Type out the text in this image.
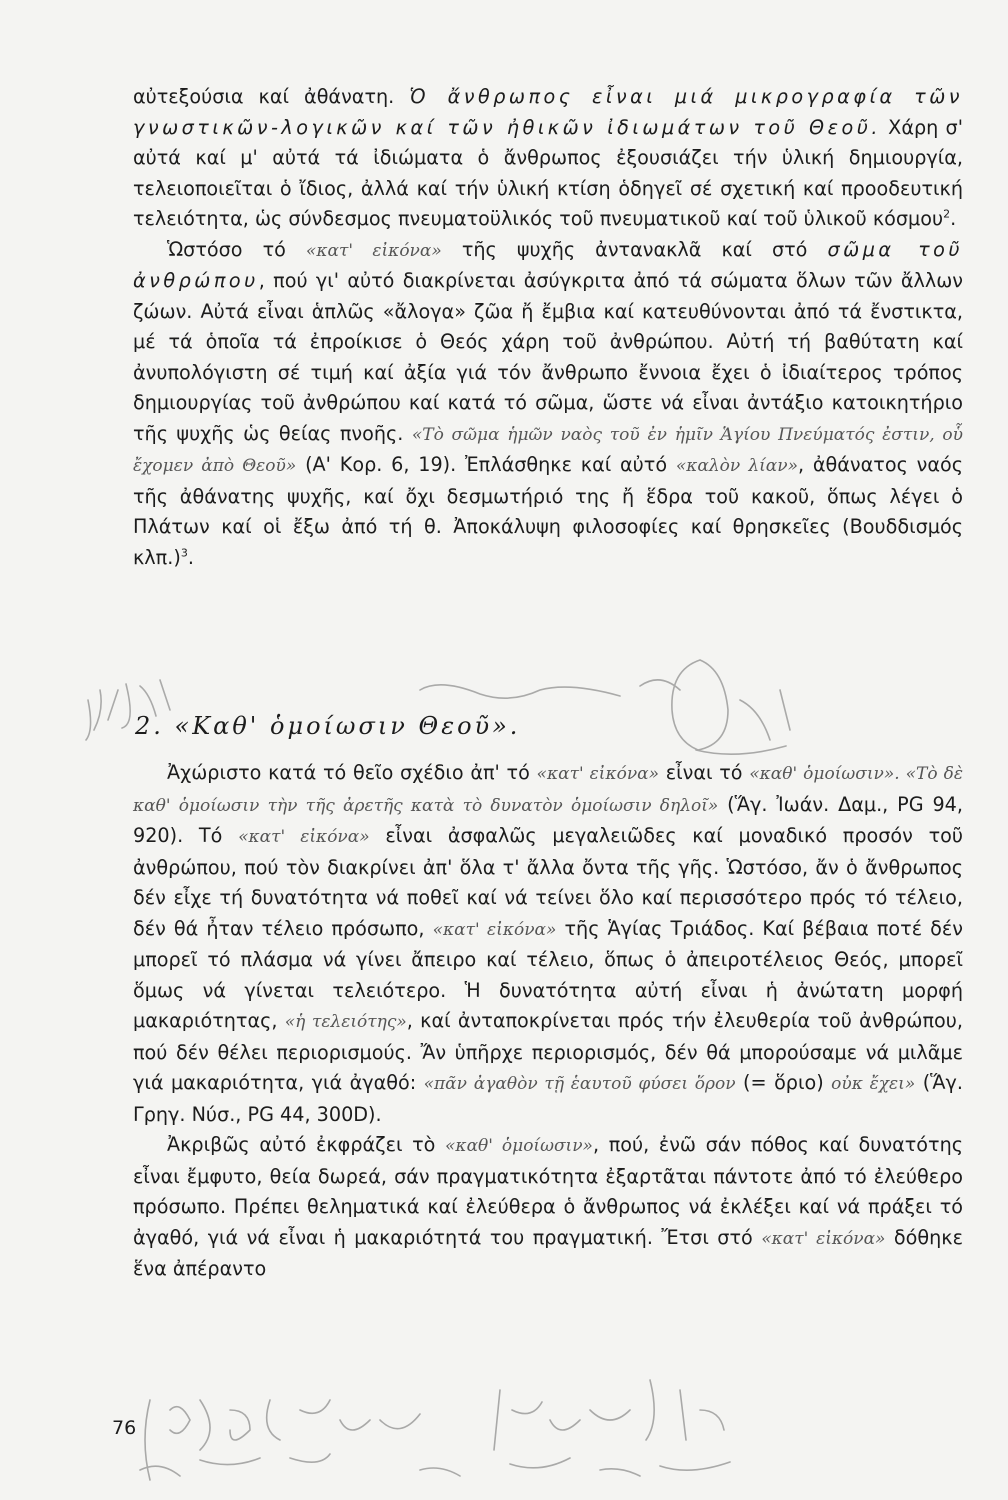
αὐτεξούσια καί ἀθάνατη. Ὁ ἄνθρωπος εἶναι μιά μικρογραφία τῶν γνωστικῶν-λογικῶν καί τῶν ἠθικῶν ἰδιωμάτων τοῦ Θεοῦ. Χάρη σ' αὐτά καί μ' αὐτά τά ἰδιώματα ὁ ἄνθρωπος ἐξουσιάζει τήν ὑλική δημιουργία, τελειοποιεῖται ὁ ἴδιος, ἀλλά καί τήν ὑλική κτίση ὁδηγεῖ σέ σχετική καί προοδευτική τελειότητα, ὡς σύνδεσμος πνευματοϋλικός τοῦ πνευματικοῦ καί τοῦ ὑλικοῦ κόσμου$^2$.

Ὡστόσο τό «κατ' εἰκόνα» τῆς ψυχῆς ἀντανακλᾶ καί στό σῶμα τοῦ ἀνθρώπου, πού γι' αὐτό διακρίνεται ἀσύγκριτα ἀπό τά σώματα ὅλων τῶν ἄλλων ζώων. Αὐτά εἶναι ἁπλῶς «ἄλογα» ζῶα ἤ ἔμβια καί κατευθύνονται ἀπό τά ἔνστικτα, μέ τά ὁποῖα τά ἐπροίκισε ὁ Θεός χάρη τοῦ ἀνθρώπου. Αὐτή τή βαθύτατη καί ἀνυπολόγιστη σέ τιμή καί ἀξία γιά τόν ἄνθρωπο ἔννοια ἔχει ὁ ἰδιαίτερος τρόπος δημιουργίας τοῦ ἀνθρώπου καί κατά τό σῶμα, ὥστε νά εἶναι ἀντάξιο κατοικητήριο τῆς ψυχῆς ὡς θείας πνοῆς. «Τὸ σῶμα ἡμῶν ναὸς τοῦ ἐν ἡμῖν Ἁγίου Πνεύματός ἐστιν, οὗ ἔχομεν ἀπὸ Θεοῦ» (Α' Κορ. 6, 19). Ἐπλάσθηκε καί αὐτό «καλὸν λίαν», ἀθάνατος ναός τῆς ἀθάνατης ψυχῆς, καί ὄχι δεσμωτήριό της ἤ ἕδρα τοῦ κακοῦ, ὅπως λέγει ὁ Πλάτων καί οἱ ἔξω ἀπό τή θ. Ἀποκάλυψη φιλοσοφίες καί θρησκεῖες (Βουδδισμός κλπ.)$^3$.

2. «Καθ' ὁμοίωσιν Θεοῦ».

Ἀχώριστο κατά τό θεῖο σχέδιο ἀπ' τό «κατ' εἰκόνα» εἶναι τό «καθ' ὁμοίωσιν». «Τὸ δὲ καθ' ὁμοίωσιν τὴν τῆς ἀρετῆς κατὰ τὸ δυνατὸν ὁμοίωσιν δηλοῖ» (Ἅγ. Ἰωάν. Δαμ., PG 94, 920). Τό «κατ' εἰκόνα» εἶναι ἀσφαλῶς μεγαλειῶδες καί μοναδικό προσόν τοῦ ἀνθρώπου, πού τὸν διακρίνει ἀπ' ὅλα τ' ἄλλα ὄντα τῆς γῆς. Ὡστόσο, ἄν ὁ ἄνθρωπος δέν εἶχε τή δυνατότητα νά ποθεῖ καί νά τείνει ὅλο καί περισσότερο πρός τό τέλειο, δέν θά ἦταν τέλειο πρόσωπο, «κατ' εἰκόνα» τῆς Ἁγίας Τριάδος. Καί βέβαια ποτέ δέν μπορεῖ τό πλάσμα νά γίνει ἄπειρο καί τέλειο, ὅπως ὁ ἀπειροτέλειος Θεός, μπορεῖ ὅμως νά γίνεται τελειότερο. Ἡ δυνατότητα αὐτή εἶναι ἡ ἀνώτατη μορφή μακαριότητας, «ἡ τελειότης», καί ἀνταποκρίνεται πρός τήν ἐλευθερία τοῦ ἀνθρώπου, πού δέν θέλει περιορισμούς. Ἄν ὑπῆρχε περιορισμός, δέν θά μπορούσαμε νά μιλᾶμε γιά μακαριότητα, γιά ἀγαθό: «πᾶν ἀγαθὸν τῇ ἑαυτοῦ φύσει ὅρον (= ὅριο) οὐκ ἔχει» (Ἅγ. Γρηγ. Νύσ., PG 44, 300D).

Ἀκριβῶς αὐτό ἐκφράζει τὸ «καθ' ὁμοίωσιν», πού, ἐνῶ σάν πόθος καί δυνατότης εἶναι ἔμφυτο, θεία δωρεά, σάν πραγματικότητα ἐξαρτᾶται πάντοτε ἀπό τό ἐλεύθερο πρόσωπο. Πρέπει θεληματικά καί ἐλεύθερα ὁ ἄνθρωπος νά ἐκλέξει καί νά πράξει τό ἀγαθό, γιά νά εἶναι ἡ μακαριότητά του πραγματική. Ἔτσι στό «κατ' εἰκόνα» δόθηκε ἕνα ἀπέραντο

76
